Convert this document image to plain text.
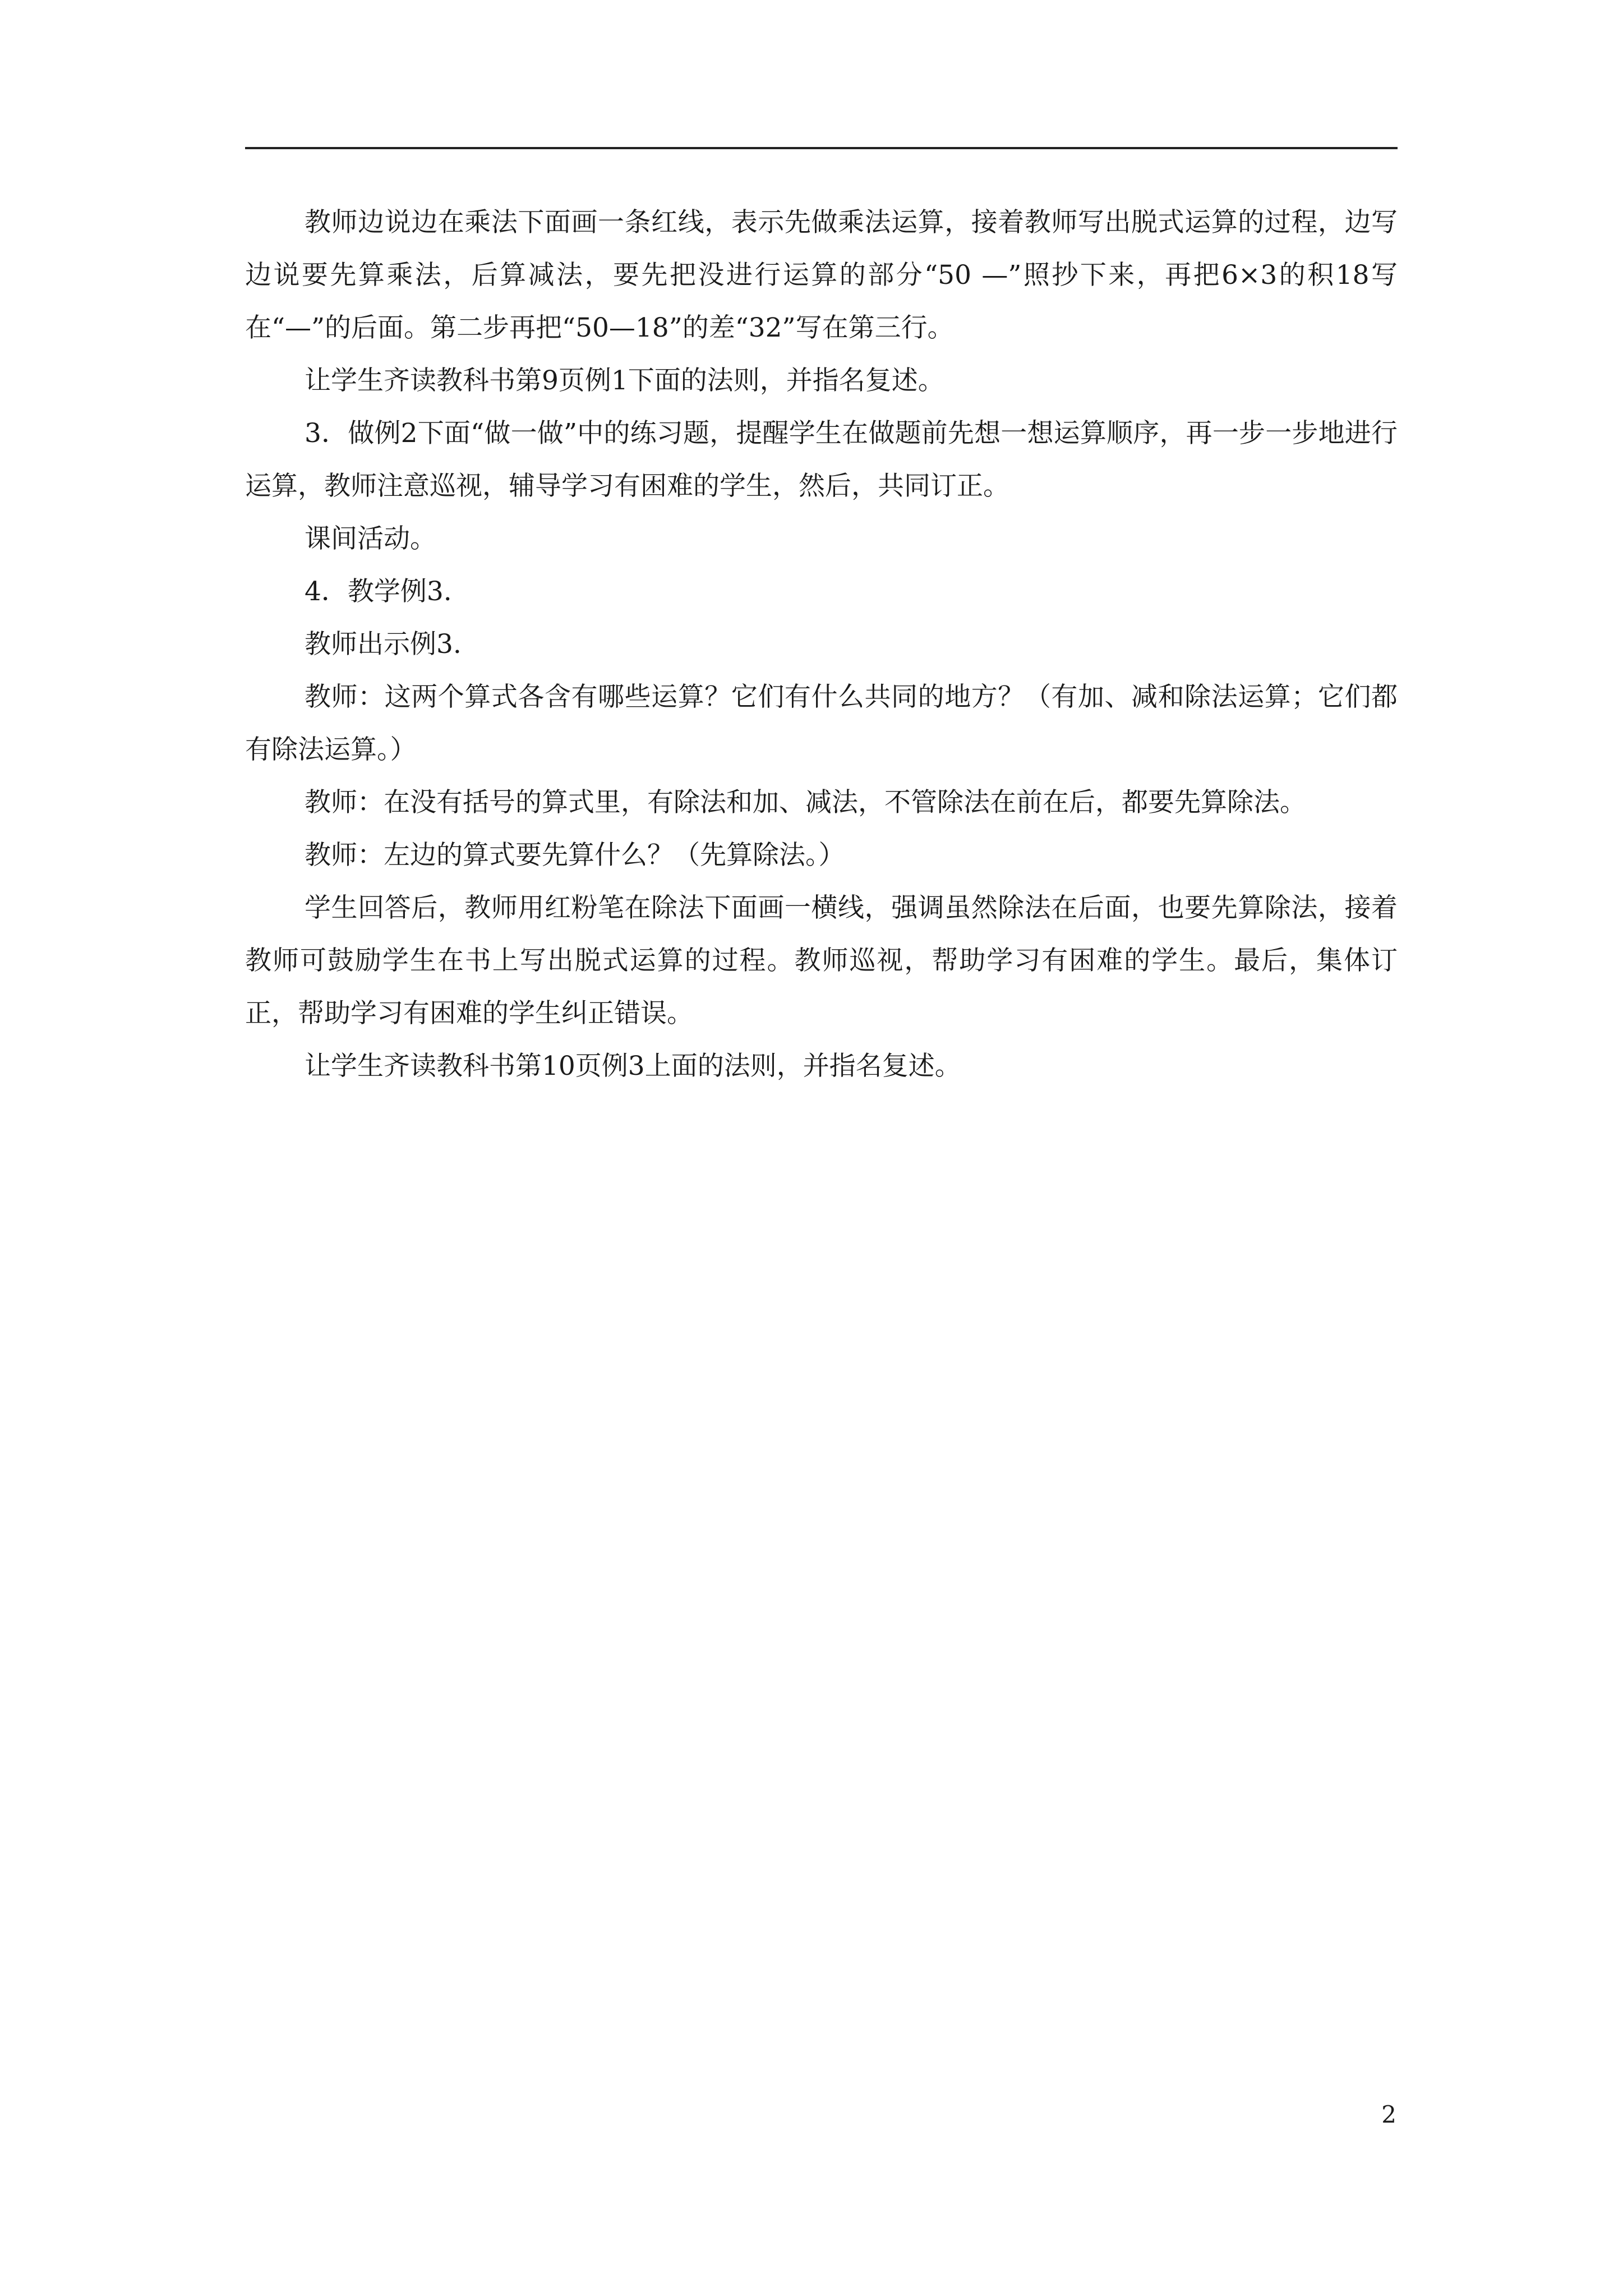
教师边说边在乘法下面画一条红线，表示先做乘法运算，接着教师写出脱式运算的过程，边写边说要先算乘法，后算减法，要先把没进行运算的部分“50 —”照抄下来，再把6×3的积18写在“—”的后面。第二步再把“50—18”的差“32”写在第三行。

让学生齐读教科书第9页例1下面的法则，并指名复述。

3．做例2下面“做一做”中的练习题，提醒学生在做题前先想一想运算顺序，再一步一步地进行运算，教师注意巡视，辅导学习有困难的学生，然后，共同订正。

课间活动。

4．教学例3.

教师出示例3.

教师：这两个算式各含有哪些运算？它们有什么共同的地方？（有加、减和除法运算；它们都有除法运算。）

教师：在没有括号的算式里，有除法和加、减法，不管除法在前在后，都要先算除法。

教师：左边的算式要先算什么？（先算除法。）

学生回答后，教师用红粉笔在除法下面画一横线，强调虽然除法在后面，也要先算除法，接着教师可鼓励学生在书上写出脱式运算的过程。教师巡视，帮助学习有困难的学生。最后，集体订正，帮助学习有困难的学生纠正错误。

让学生齐读教科书第10页例3上面的法则，并指名复述。

2
